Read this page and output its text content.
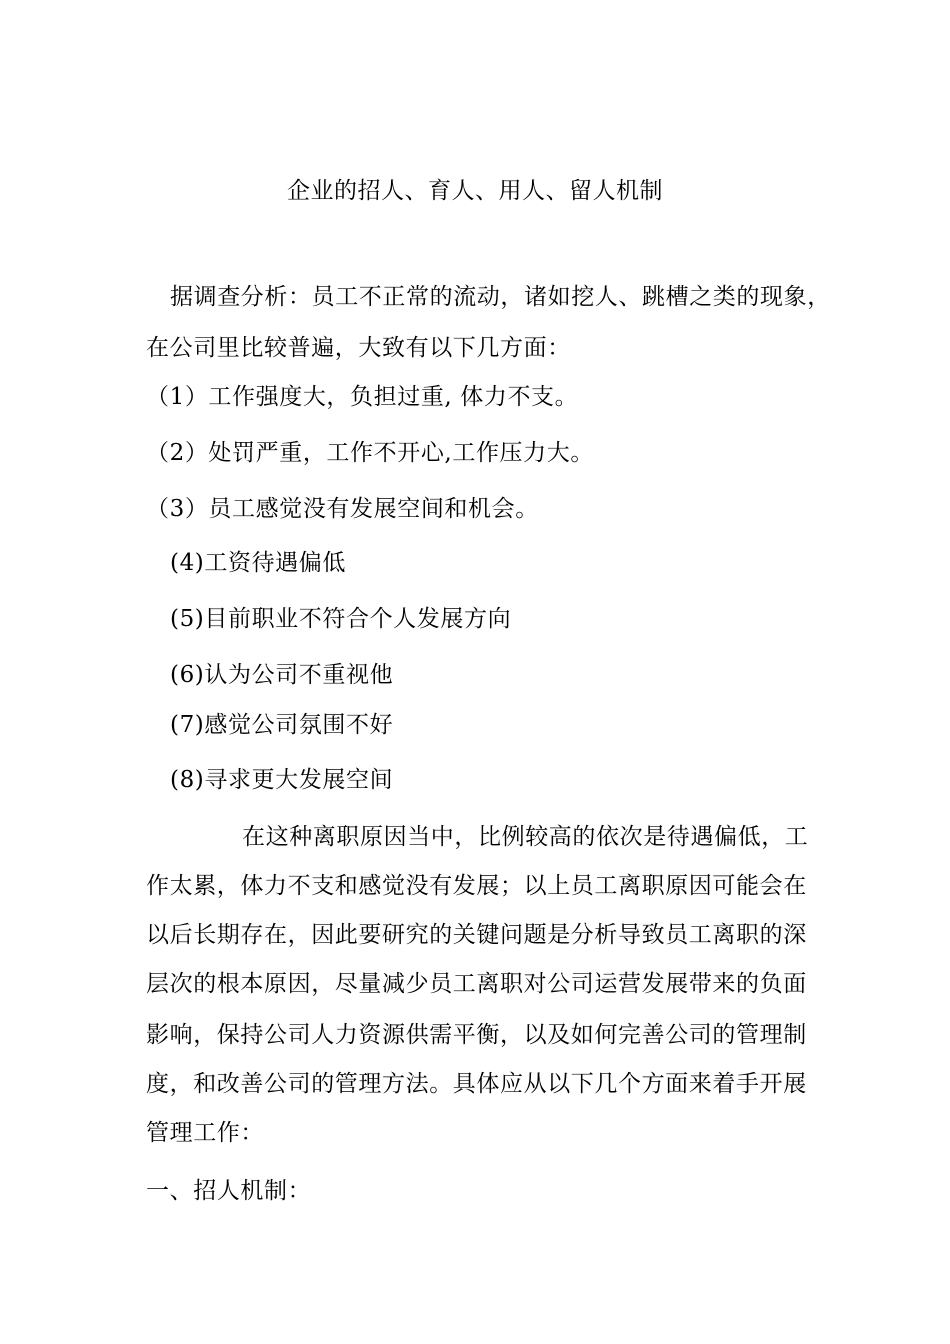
企业的招人、育人、用人、留人机制
据调查分析：员工不正常的流动，诸如挖人、跳槽之类的现象，
在公司里比较普遍，大致有以下几方面：
（1）工作强度大，负担过重, 体力不支。
（2）处罚严重，工作不开心,工作压力大。
（3）员工感觉没有发展空间和机会。
(4)工资待遇偏低
(5)目前职业不符合个人发展方向
(6)认为公司不重视他
(7)感觉公司氛围不好
(8)寻求更大发展空间
在这种离职原因当中，比例较高的依次是待遇偏低，工
作太累，体力不支和感觉没有发展；以上员工离职原因可能会在
以后长期存在，因此要研究的关键问题是分析导致员工离职的深
层次的根本原因，尽量减少员工离职对公司运营发展带来的负面
影响，保持公司人力资源供需平衡，以及如何完善公司的管理制
度，和改善公司的管理方法。具体应从以下几个方面来着手开展
管理工作：
一、招人机制：
